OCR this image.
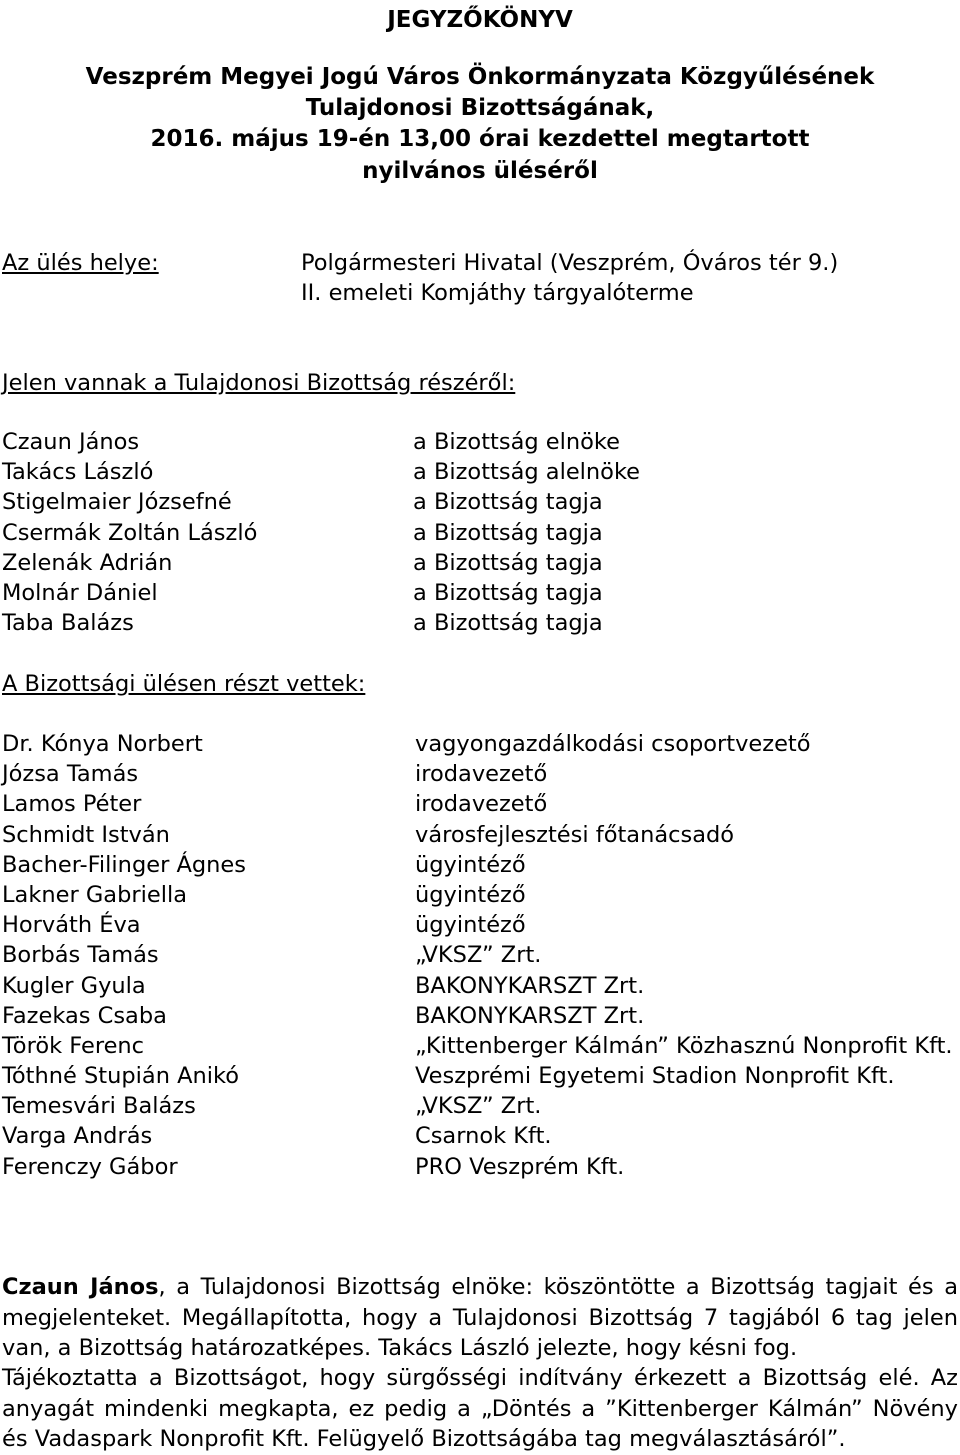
JEGYZŐKÖNYV
Veszprém Megyei Jogú Város Önkormányzata Közgyűlésének
Tulajdonosi Bizottságának,
2016. május 19-én 13,00 órai kezdettel megtartott
nyilvános üléséről
Az ülés helye:	Polgármesteri Hivatal (Veszprém, Óváros tér 9.)
II. emeleti Komjáthy tárgyalóterme
Jelen vannak a Tulajdonosi Bizottság részéről:
Czaun János	a Bizottság elnöke
Takács László	a Bizottság alelnöke
Stigelmaier Józsefné	a Bizottság tagja
Csermák Zoltán László	a Bizottság tagja
Zelenák Adrián	a Bizottság tagja
Molnár Dániel	a Bizottság tagja
Taba Balázs	a Bizottság tagja
A Bizottsági ülésen részt vettek:
Dr. Kónya Norbert	vagyongazdálkodási csoportvezető
Józsa Tamás	irodavezető
Lamos Péter	irodavezető
Schmidt István	városfejlesztési főtanácsadó
Bacher-Filinger Ágnes	ügyintéző
Lakner Gabriella	ügyintéző
Horváth Éva	ügyintéző
Borbás Tamás	„VKSZ” Zrt.
Kugler Gyula	BAKONYKARSZT Zrt.
Fazekas Csaba	BAKONYKARSZT Zrt.
Török Ferenc	„Kittenberger Kálmán” Közhasznú Nonprofit Kft.
Tóthné Stupián Anikó	Veszprémi Egyetemi Stadion Nonprofit Kft.
Temesvári Balázs	„VKSZ” Zrt.
Varga András	Csarnok Kft.
Ferenczy Gábor	PRO Veszprém Kft.

Czaun János, a Tulajdonosi Bizottság elnöke: köszöntötte a Bizottság tagjait és a megjelenteket. Megállapította, hogy a Tulajdonosi Bizottság 7 tagjából 6 tag jelen van, a Bizottság határozatképes. Takács László jelezte, hogy késni fog.

Tájékoztatta a Bizottságot, hogy sürgősségi indítvány érkezett a Bizottság elé. Az anyagát mindenki megkapta, ez pedig a „Döntés a ”Kittenberger Kálmán” Növény és Vadaspark Nonprofit Kft. Felügyelő Bizottságába tag megválasztásáról”.
